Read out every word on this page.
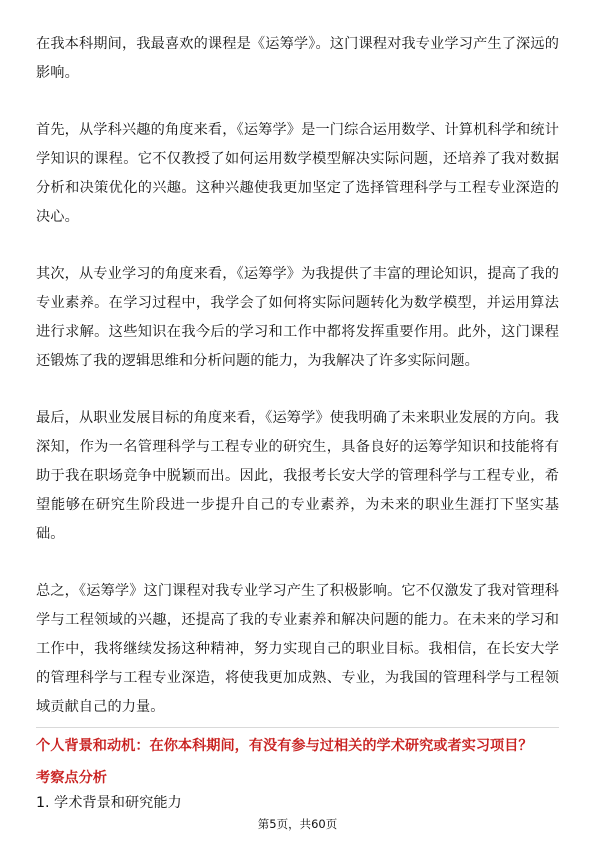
在我本科期间，我最喜欢的课程是《运筹学》。这门课程对我专业学习产生了深远的影响。

首先，从学科兴趣的角度来看，《运筹学》是一门综合运用数学、计算机科学和统计学知识的课程。它不仅教授了如何运用数学模型解决实际问题，还培养了我对数据分析和决策优化的兴趣。这种兴趣使我更加坚定了选择管理科学与工程专业深造的决心。

其次，从专业学习的角度来看，《运筹学》为我提供了丰富的理论知识，提高了我的专业素养。在学习过程中，我学会了如何将实际问题转化为数学模型，并运用算法进行求解。这些知识在我今后的学习和工作中都将发挥重要作用。此外，这门课程还锻炼了我的逻辑思维和分析问题的能力，为我解决了许多实际问题。

最后，从职业发展目标的角度来看，《运筹学》使我明确了未来职业发展的方向。我深知，作为一名管理科学与工程专业的研究生，具备良好的运筹学知识和技能将有助于我在职场竞争中脱颖而出。因此，我报考长安大学的管理科学与工程专业，希望能够在研究生阶段进一步提升自己的专业素养，为未来的职业生涯打下坚实基础。

总之，《运筹学》这门课程对我专业学习产生了积极影响。它不仅激发了我对管理科学与工程领域的兴趣，还提高了我的专业素养和解决问题的能力。在未来的学习和工作中，我将继续发扬这种精神，努力实现自己的职业目标。我相信，在长安大学的管理科学与工程专业深造，将使我更加成熟、专业，为我国的管理科学与工程领域贡献自己的力量。

个人背景和动机：在你本科期间，有没有参与过相关的学术研究或者实习项目？

考察点分析

1. 学术背景和研究能力

第5页，共60页
